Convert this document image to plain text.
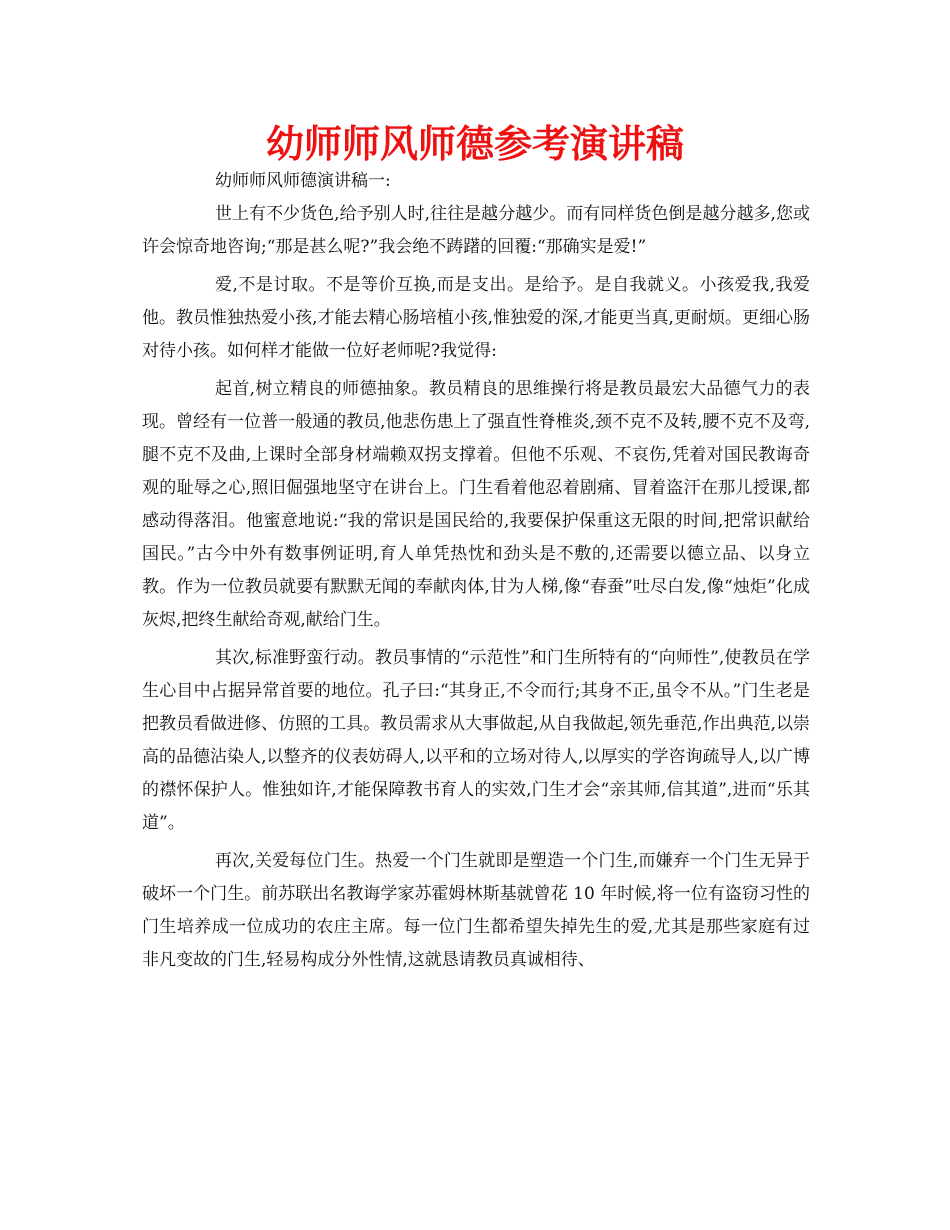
幼师师风师德参考演讲稿
幼师师风师德演讲稿一:

世上有不少货色,给予别人时,往往是越分越少。而有同样货色倒是越分越多,您或许会惊奇地咨询;“那是甚么呢?”我会绝不踌躇的回覆:“那确实是爱!”

爱,不是讨取。不是等价互换,而是支出。是给予。是自我就义。小孩爱我,我爱他。教员惟独热爱小孩,才能去精心肠培植小孩,惟独爱的深,才能更当真,更耐烦。更细心肠对待小孩。如何样才能做一位好老师呢?我觉得:

起首,树立精良的师德抽象。教员精良的思维操行将是教员最宏大品德气力的表现。曾经有一位普一般通的教员,他悲伤患上了强直性脊椎炎,颈不克不及转,腰不克不及弯,腿不克不及曲,上课时全部身材端赖双拐支撑着。但他不乐观、不哀伤,凭着对国民教诲奇观的耻辱之心,照旧倔强地坚守在讲台上。门生看着他忍着剧痛、冒着盗汗在那儿授课,都感动得落泪。他蜜意地说:“我的常识是国民给的,我要保护保重这无限的时间,把常识献给国民。”古今中外有数事例证明,育人单凭热忱和劲头是不敷的,还需要以德立品、以身立教。作为一位教员就要有默默无闻的奉献肉体,甘为人梯,像“春蚕”吐尽白发,像“烛炬”化成灰烬,把终生献给奇观,献给门生。

其次,标准野蛮行动。教员事情的“示范性”和门生所特有的“向师性”,使教员在学生心目中占据异常首要的地位。孔子曰:“其身正,不令而行;其身不正,虽令不从。”门生老是把教员看做进修、仿照的工具。教员需求从大事做起,从自我做起,领先垂范,作出典范,以崇高的品德沾染人,以整齐的仪表妨碍人,以平和的立场对待人,以厚实的学咨询疏导人,以广博的襟怀保护人。惟独如许,才能保障教书育人的实效,门生才会“亲其师,信其道”,进而“乐其道”。

再次,关爱每位门生。热爱一个门生就即是塑造一个门生,而嫌弃一个门生无异于破坏一个门生。前苏联出名教诲学家苏霍姆林斯基就曾花 10 年时候,将一位有盗窃习性的门生培养成一位成功的农庄主席。每一位门生都希望失掉先生的爱,尤其是那些家庭有过非凡变故的门生,轻易构成分外性情,这就恳请教员真诚相待、
